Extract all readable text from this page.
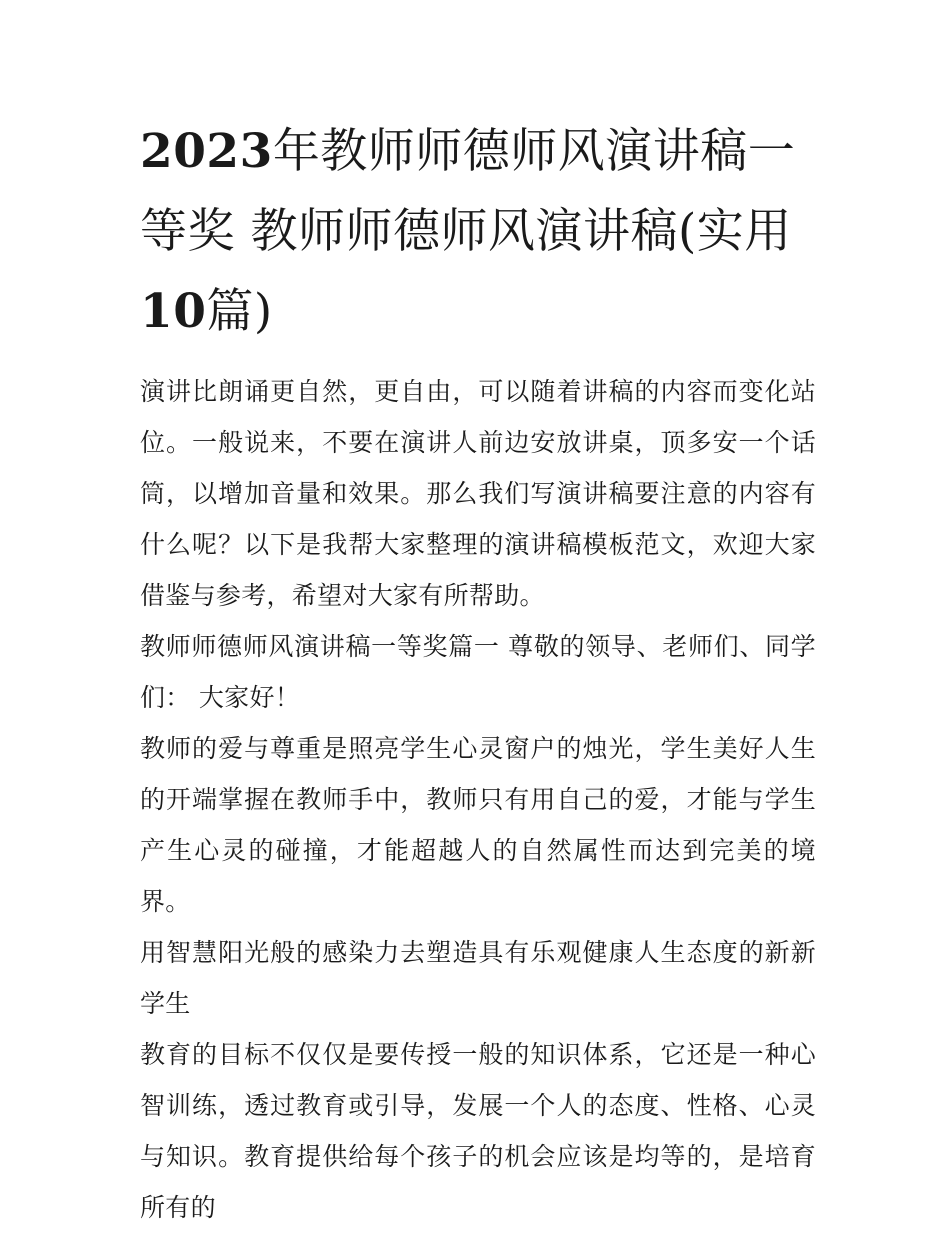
2023年教师师德师风演讲稿一等奖 教师师德师风演讲稿(实用10篇)

演讲比朗诵更自然，更自由，可以随着讲稿的内容而变化站位。一般说来，不要在演讲人前边安放讲桌，顶多安一个话筒，以增加音量和效果。那么我们写演讲稿要注意的内容有什么呢？以下是我帮大家整理的演讲稿模板范文，欢迎大家借鉴与参考，希望对大家有所帮助。

教师师德师风演讲稿一等奖篇一 尊敬的领导、老师们、同学们： 大家好！

教师的爱与尊重是照亮学生心灵窗户的烛光，学生美好人生的开端掌握在教师手中，教师只有用自己的爱，才能与学生产生心灵的碰撞，才能超越人的自然属性而达到完美的境界。

用智慧阳光般的感染力去塑造具有乐观健康人生态度的新新学生

教育的目标不仅仅是要传授一般的知识体系，它还是一种心智训练，透过教育或引导，发展一个人的态度、性格、心灵与知识。教育提供给每个孩子的机会应该是均等的，是培育所有的
